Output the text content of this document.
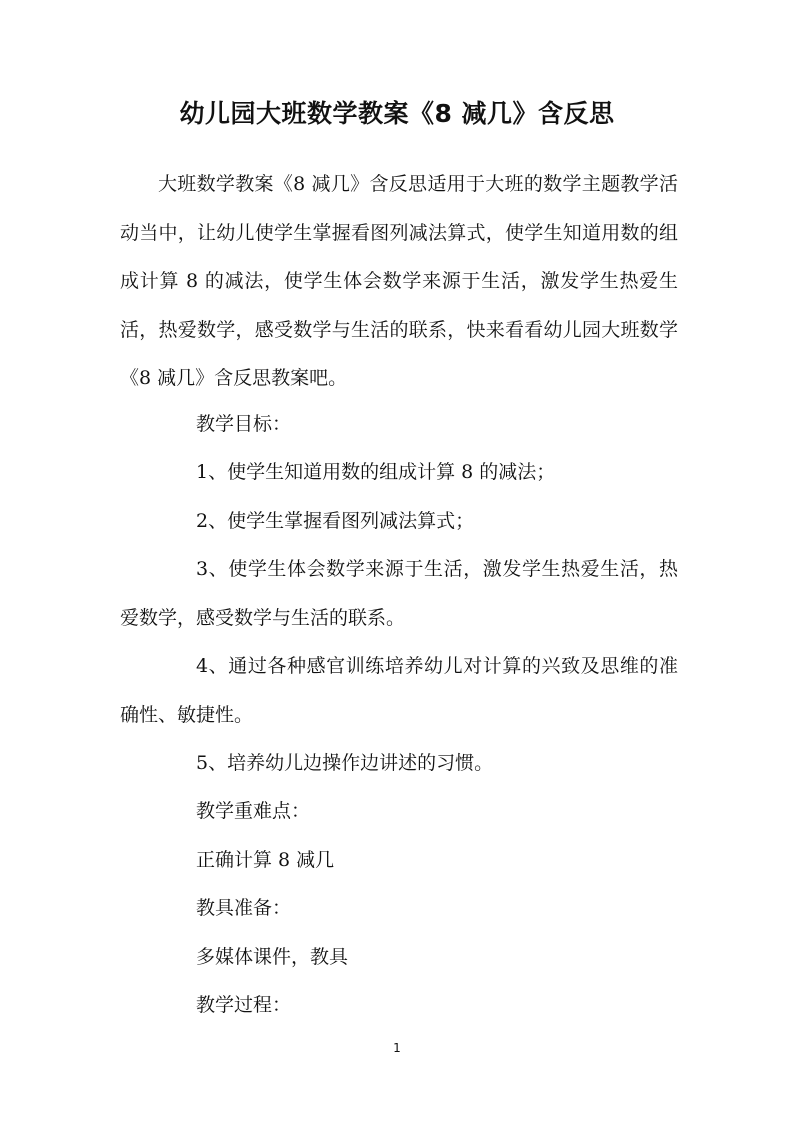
幼儿园大班数学教案《8 减几》含反思

大班数学教案《8 减几》含反思适用于大班的数学主题教学活动当中，让幼儿使学生掌握看图列减法算式，使学生知道用数的组成计算 8 的减法，使学生体会数学来源于生活，激发学生热爱生活，热爱数学，感受数学与生活的联系，快来看看幼儿园大班数学《8 减几》含反思教案吧。

教学目标：

1、使学生知道用数的组成计算 8 的减法；

2、使学生掌握看图列减法算式；

3、使学生体会数学来源于生活，激发学生热爱生活，热爱数学，感受数学与生活的联系。

4、通过各种感官训练培养幼儿对计算的兴致及思维的准确性、敏捷性。

5、培养幼儿边操作边讲述的习惯。

教学重难点：

正确计算 8 减几

教具准备：

多媒体课件，教具

教学过程：

1
